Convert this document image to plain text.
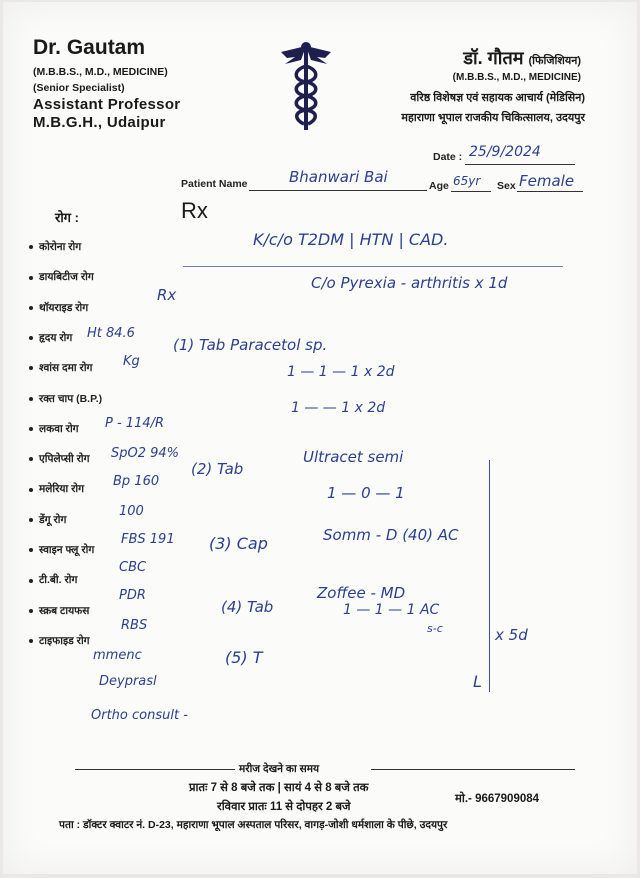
Dr. Gautam
(M.B.B.S., M.D., MEDICINE)
(Senior Specialist)
Assistant Professor
M.B.G.H., Udaipur
डॉ. गौतम (फिजिशियन)
(M.B.B.S., M.D., MEDICINE)
वरिष्ठ विशेषज्ञ एवं सहायक आचार्य (मेडिसिन)
महाराणा भूपाल राजकीय चिकित्सालय, उदयपुर
Date : 25/9/2024
Patient Name	Bhanwari Bai	Age 65yr Sex Female
Rx
रोग :
कोरोना रोग
डायबिटीज रोग
थॉयराइड रोग
हृदय रोग
श्वांस दमा रोग
रक्त चाप (B.P.)
लकवा रोग
एपिलेप्सी रोग
मलेरिया रोग
डेंगू रोग
स्वाइन फ्लू रोग
टी.बी. रोग
स्क्रब टायफस
टाइफाइड रोग
K/c/o T2DM | HTN | CAD.
C/o Pyrexia - arthritis x 1d
Rx
Ht 84.6
Kg
P - 114/R
SpO2 94%
Bp 160
100
FBS 191
CBC
PDR
RBS
(1) Tab Paracetol sp.
1 — 1 — 1 x 2d
1 — — 1 x 2d
(2) Tab
Ultracet semi
1 — 0 — 1
(3) Cap	Somm - D (40) AC
(4) Tab
Zoffee - MD
1 — 1 — 1 AC
s-c
(5) T
mmenc
Deyprasl
Ortho consult -
x 5d
L
मरीज देखने का समय
प्रातः 7 से 8 बजे तक | सायं 4 से 8 बजे तक
रविवार प्रातः 11 से दोपहर 2 बजे
मो.- 9667909084
पता : डॉक्टर क्वाटर नं. D-23, महाराणा भूपाल अस्पताल परिसर, वागड़-जोशी धर्मशाला के पीछे, उदयपुर
